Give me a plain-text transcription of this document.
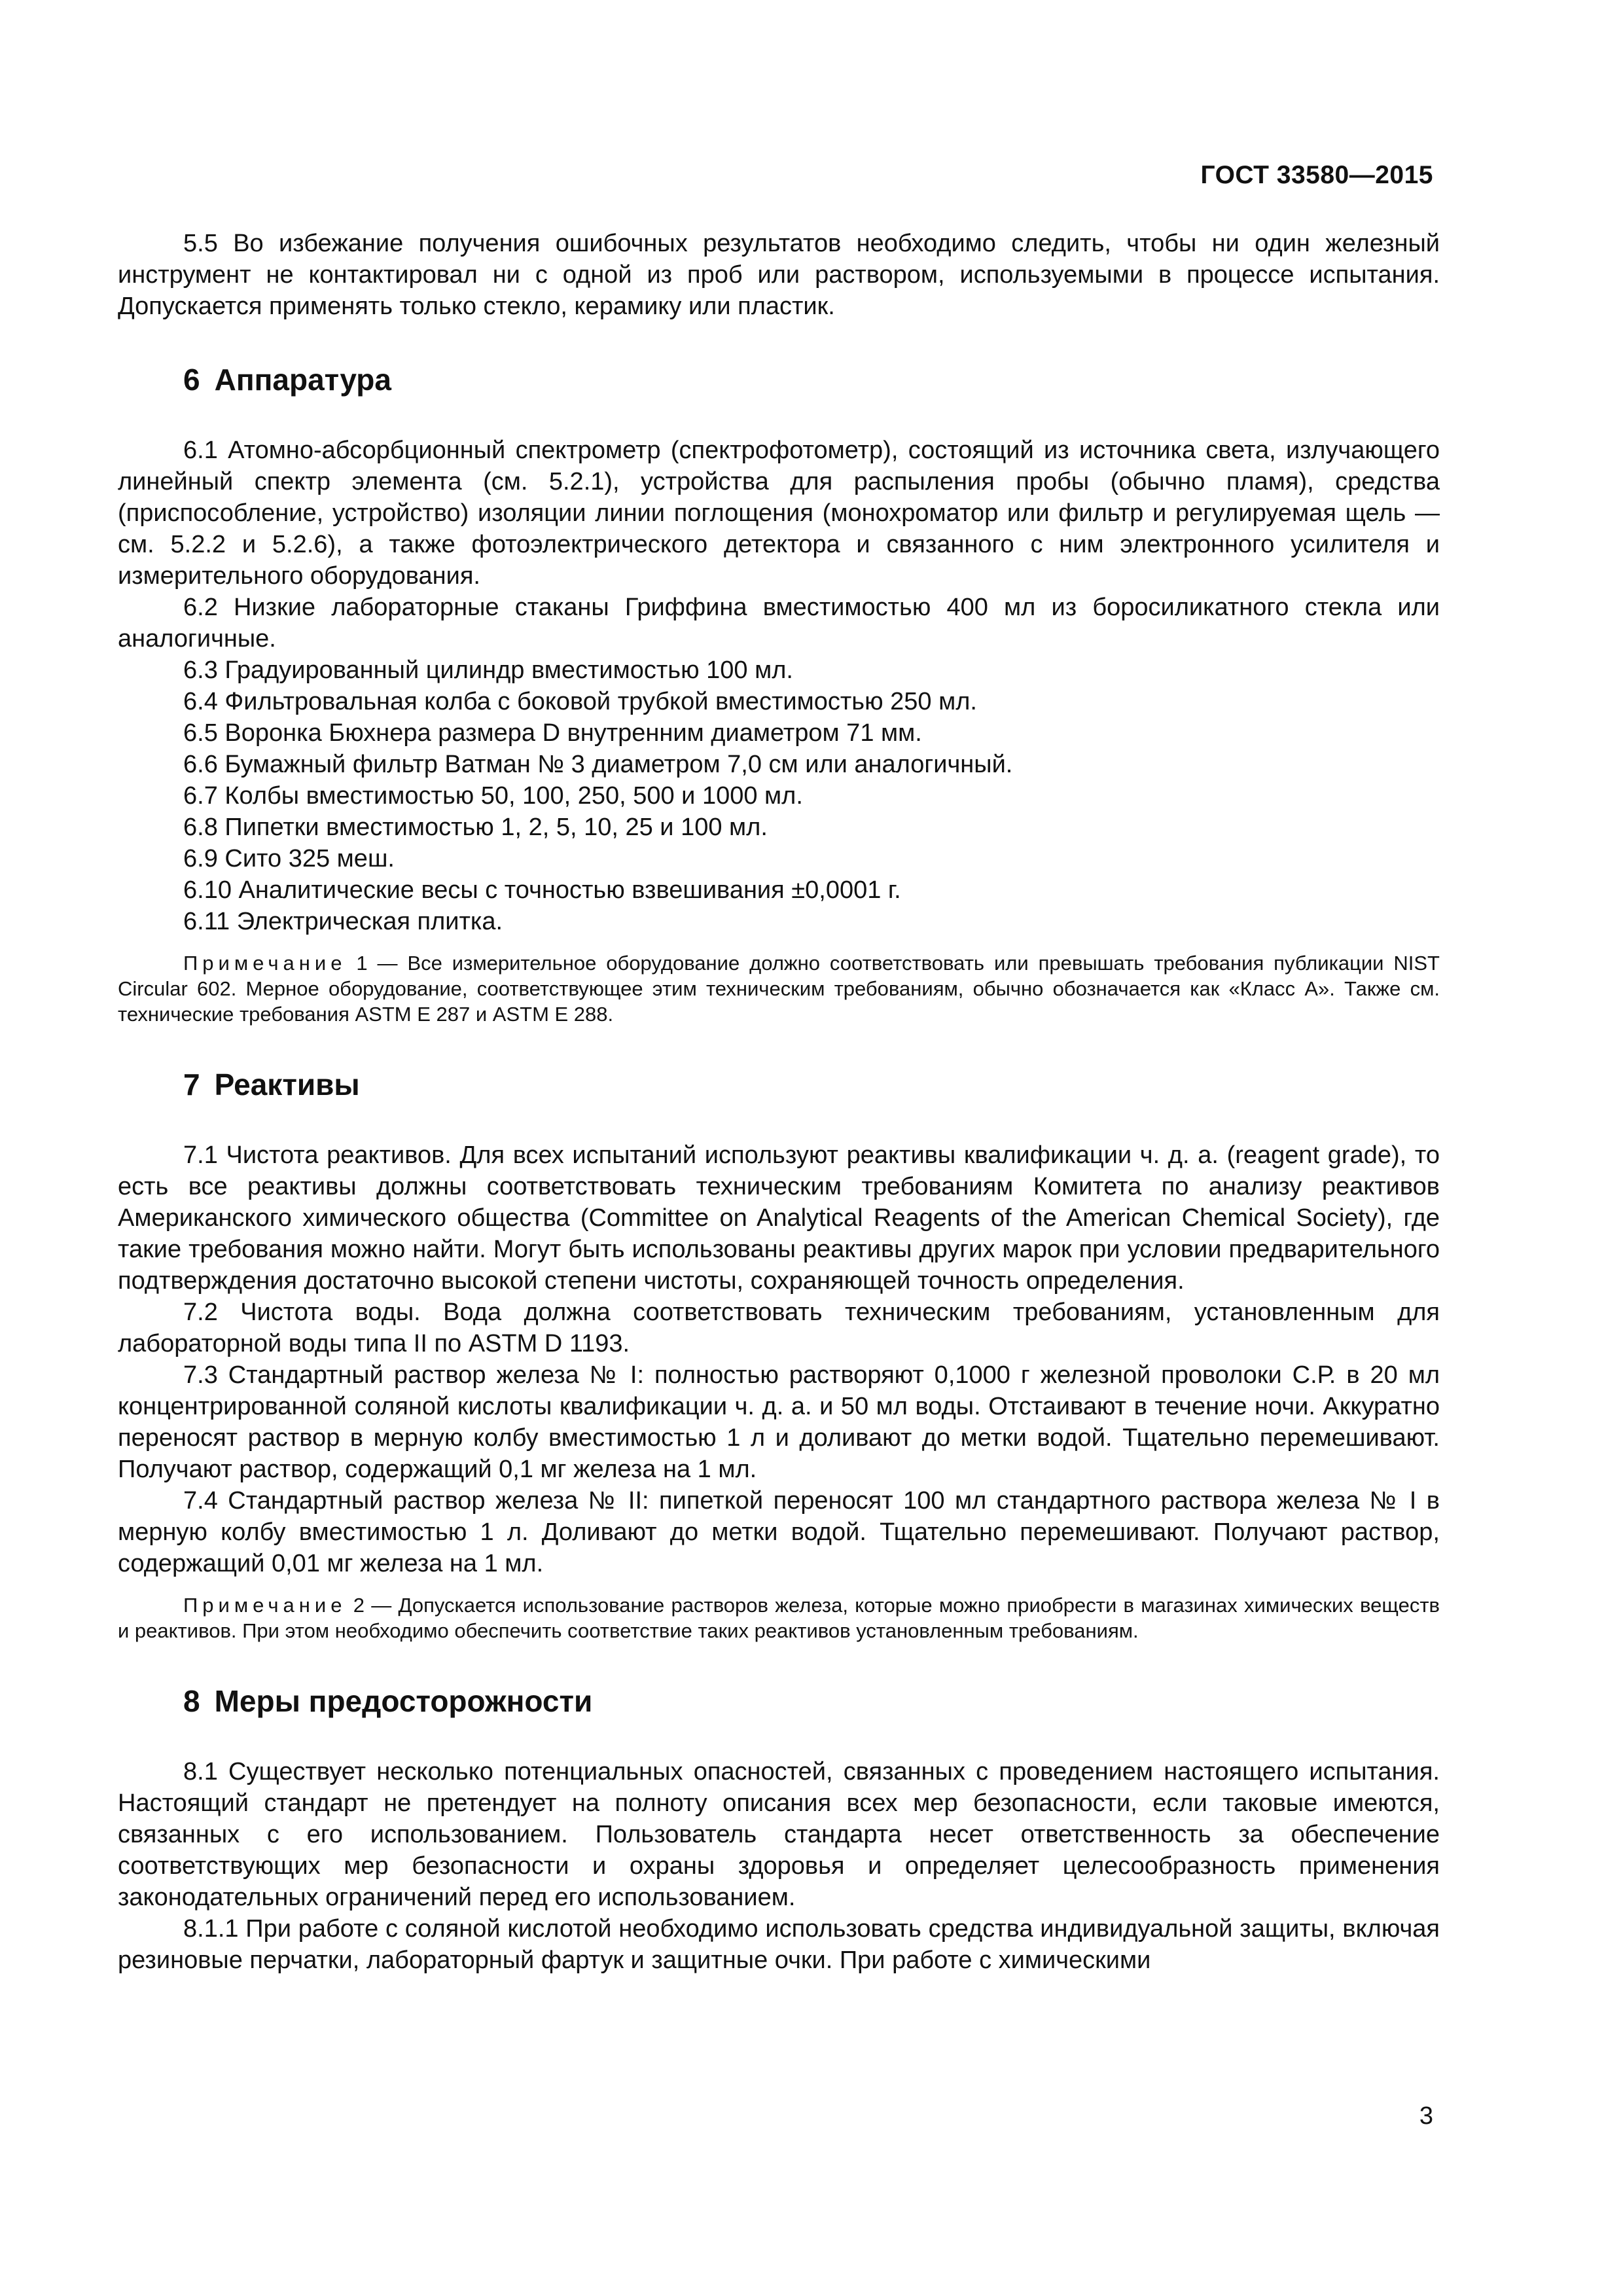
ГОСТ 33580—2015

5.5 Во избежание получения ошибочных результатов необходимо следить, чтобы ни один железный инструмент не контактировал ни с одной из проб или раствором, используемыми в процессе испытания. Допускается применять только стекло, керамику или пластик.

6 Аппаратура

6.1 Атомно-абсорбционный спектрометр (спектрофотометр), состоящий из источника света, излучающего линейный спектр элемента (см. 5.2.1), устройства для распыления пробы (обычно пламя), средства (приспособление, устройство) изоляции линии поглощения (монохроматор или фильтр и регулируемая щель — см. 5.2.2 и 5.2.6), а также фотоэлектрического детектора и связанного с ним электронного усилителя и измерительного оборудования.

6.2 Низкие лабораторные стаканы Гриффина вместимостью 400 мл из боросиликатного стекла или аналогичные.

6.3 Градуированный цилиндр вместимостью 100 мл.

6.4 Фильтровальная колба с боковой трубкой вместимостью 250 мл.

6.5 Воронка Бюхнера размера D внутренним диаметром 71 мм.

6.6 Бумажный фильтр Ватман № 3 диаметром 7,0 см или аналогичный.

6.7 Колбы вместимостью 50, 100, 250, 500 и 1000 мл.

6.8 Пипетки вместимостью 1, 2, 5, 10, 25 и 100 мл.

6.9 Сито 325 меш.

6.10 Аналитические весы с точностью взвешивания ±0,0001 г.

6.11 Электрическая плитка.

Примечание 1 — Все измерительное оборудование должно соответствовать или превышать требования публикации NIST Circular 602. Мерное оборудование, соответствующее этим техническим требованиям, обычно обозначается как «Класс А». Также см. технические требования ASTM E 287 и ASTM E 288.

7 Реактивы

7.1 Чистота реактивов. Для всех испытаний используют реактивы квалификации ч. д. а. (reagent grade), то есть все реактивы должны соответствовать техническим требованиям Комитета по анализу реактивов Американского химического общества (Committee on Analytical Reagents of the American Chemical Society), где такие требования можно найти. Могут быть использованы реактивы других марок при условии предварительного подтверждения достаточно высокой степени чистоты, сохраняющей точность определения.

7.2 Чистота воды. Вода должна соответствовать техническим требованиям, установленным для лабораторной воды типа II по ASTM D 1193.

7.3 Стандартный раствор железа № I: полностью растворяют 0,1000 г железной проволоки С.Р. в 20 мл концентрированной соляной кислоты квалификации ч. д. а. и 50 мл воды. Отстаивают в течение ночи. Аккуратно переносят раствор в мерную колбу вместимостью 1 л и доливают до метки водой. Тщательно перемешивают. Получают раствор, содержащий 0,1 мг железа на 1 мл.

7.4 Стандартный раствор железа № II: пипеткой переносят 100 мл стандартного раствора железа № I в мерную колбу вместимостью 1 л. Доливают до метки водой. Тщательно перемешивают. Получают раствор, содержащий 0,01 мг железа на 1 мл.

Примечание 2 — Допускается использование растворов железа, которые можно приобрести в магазинах химических веществ и реактивов. При этом необходимо обеспечить соответствие таких реактивов установленным требованиям.

8 Меры предосторожности

8.1 Существует несколько потенциальных опасностей, связанных с проведением настоящего испытания. Настоящий стандарт не претендует на полноту описания всех мер безопасности, если таковые имеются, связанных с его использованием. Пользователь стандарта несет ответственность за обеспечение соответствующих мер безопасности и охраны здоровья и определяет целесообразность применения законодательных ограничений перед его использованием.

8.1.1 При работе с соляной кислотой необходимо использовать средства индивидуальной защиты, включая резиновые перчатки, лабораторный фартук и защитные очки. При работе с химическими

3
